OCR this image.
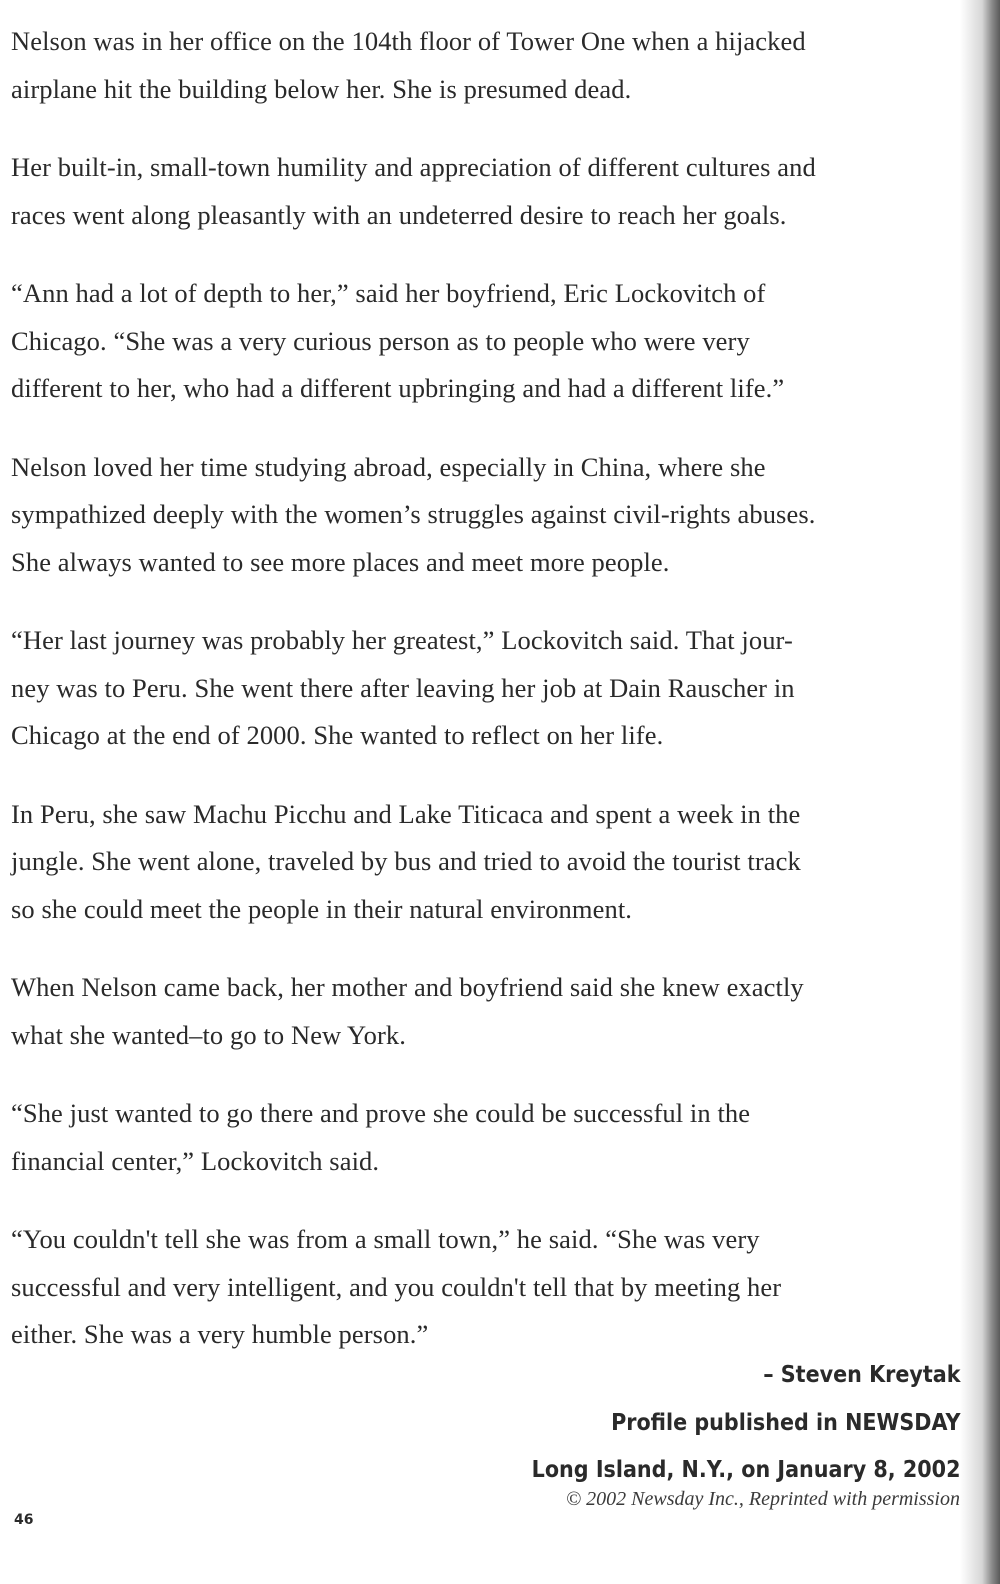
Nelson was in her office on the 104th floor of Tower One when a hijacked
airplane hit the building below her. She is presumed dead.

Her built-in, small-town humility and appreciation of different cultures and
races went along pleasantly with an undeterred desire to reach her goals.

“Ann had a lot of depth to her,” said her boyfriend, Eric Lockovitch of
Chicago. “She was a very curious person as to people who were very
different to her, who had a different upbringing and had a different life.”

Nelson loved her time studying abroad, especially in China, where she
sympathized deeply with the women’s struggles against civil-rights abuses.
She always wanted to see more places and meet more people.

“Her last journey was probably her greatest,” Lockovitch said. That jour-
ney was to Peru. She went there after leaving her job at Dain Rauscher in
Chicago at the end of 2000. She wanted to reflect on her life.

In Peru, she saw Machu Picchu and Lake Titicaca and spent a week in the
jungle. She went alone, traveled by bus and tried to avoid the tourist track
so she could meet the people in their natural environment.

When Nelson came back, her mother and boyfriend said she knew exactly
what she wanted–to go to New York.

“She just wanted to go there and prove she could be successful in the
financial center,” Lockovitch said.

“You couldn't tell she was from a small town,” he said. “She was very
successful and very intelligent, and you couldn't tell that by meeting her
either. She was a very humble person.”

– Steven Kreytak
Profile published in NEWSDAY
Long Island, N.Y., on January 8, 2002
© 2002 Newsday Inc., Reprinted with permission
46
